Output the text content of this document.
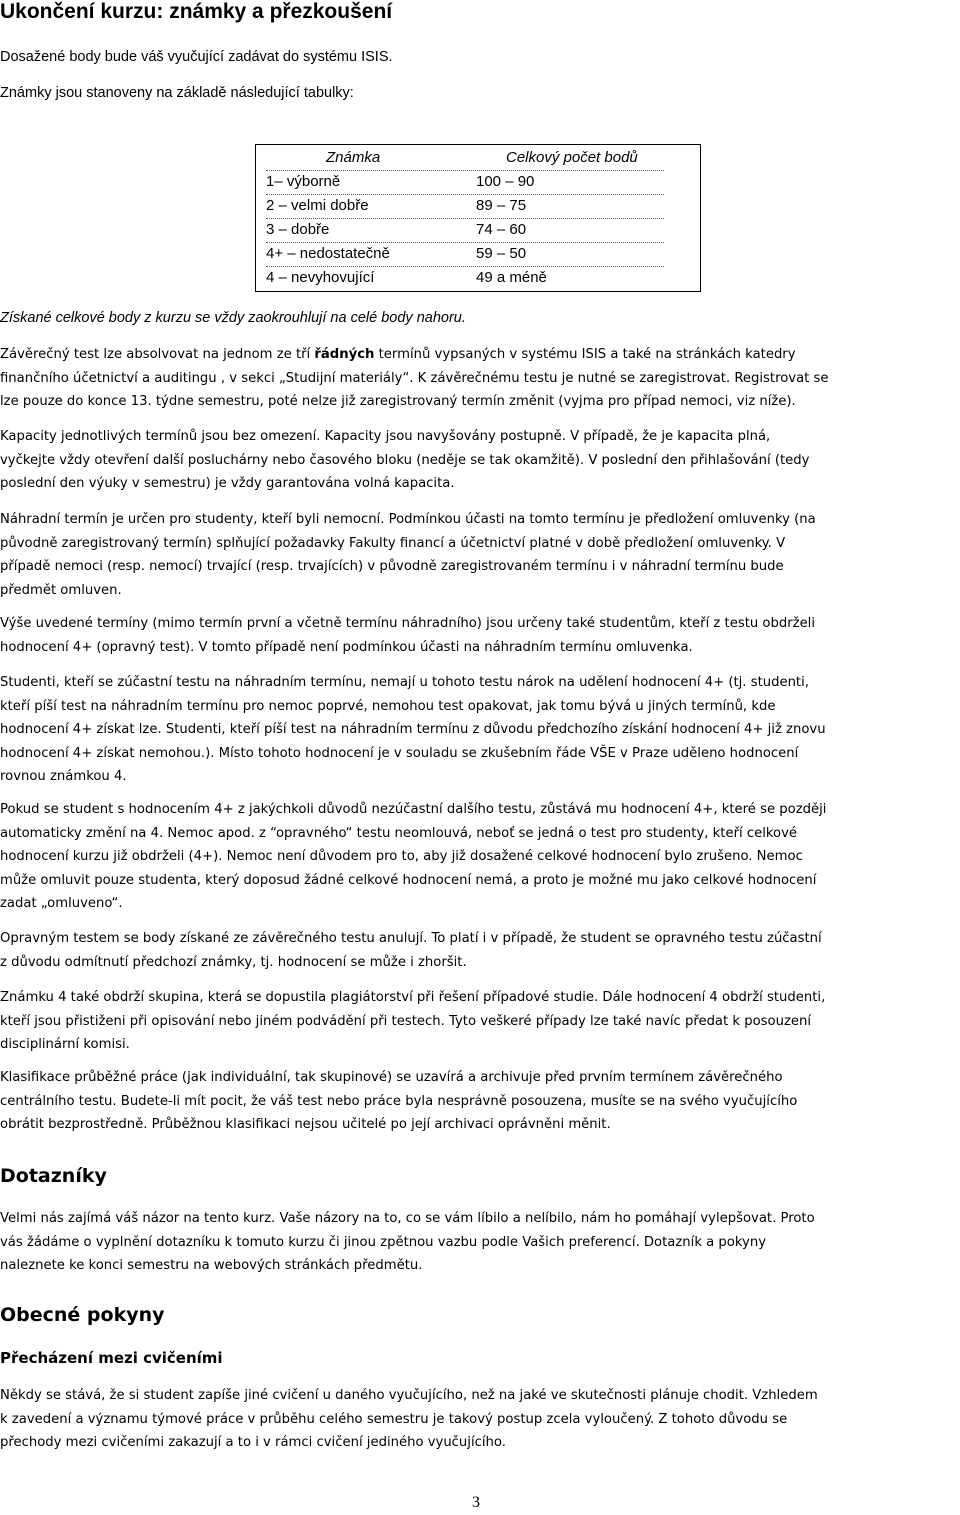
Ukončení kurzu: známky a přezkoušení

Dosažené body bude váš vyučující zadávat do systému ISIS.

Známky jsou stanoveny na základě následující tabulky:

Známka	Celkový počet bodů
1– výborně	100 – 90
2 – velmi dobře	89 – 75
3 – dobře	74 – 60
4+ – nedostatečně	59 – 50
4 – nevyhovující	49 a méně

Získané celkové body z kurzu se vždy zaokrouhlují na celé body nahoru.

Závěrečný test lze absolvovat na jednom ze tří řádných termínů vypsaných v systému ISIS a také na stránkách katedry
finančního účetnictví a auditingu , v sekci „Studijní materiály“. K závěrečnému testu je nutné se zaregistrovat. Registrovat se
lze pouze do konce 13. týdne semestru, poté nelze již zaregistrovaný termín změnit (vyjma pro případ nemoci, viz níže).
Kapacity jednotlivých termínů jsou bez omezení. Kapacity jsou navyšovány postupně. V případě, že je kapacita plná,
vyčkejte vždy otevření další posluchárny nebo časového bloku (neděje se tak okamžitě). V poslední den přihlašování (tedy
poslední den výuky v semestru) je vždy garantována volná kapacita.
Náhradní termín je určen pro studenty, kteří byli nemocní. Podmínkou účasti na tomto termínu je předložení omluvenky (na
původně zaregistrovaný termín) splňující požadavky Fakulty financí a účetnictví platné v době předložení omluvenky. V
případě nemoci (resp. nemocí) trvající (resp. trvajících) v původně zaregistrovaném termínu i v náhradní termínu bude
předmět omluven.
Výše uvedené termíny (mimo termín první a včetně termínu náhradního) jsou určeny také studentům, kteří z testu obdrželi
hodnocení 4+ (opravný test). V tomto případě není podmínkou účasti na náhradním termínu omluvenka.
Studenti, kteří se zúčastní testu na náhradním termínu, nemají u tohoto testu nárok na udělení hodnocení 4+ (tj. studenti,
kteří píší test na náhradním termínu pro nemoc poprvé, nemohou test opakovat, jak tomu bývá u jiných termínů, kde
hodnocení 4+ získat lze. Studenti, kteří píší test na náhradním termínu z důvodu předchozího získání hodnocení 4+ již znovu
hodnocení 4+ získat nemohou.). Místo tohoto hodnocení je v souladu se zkušebním řáde VŠE v Praze uděleno hodnocení
rovnou známkou 4.
Pokud se student s hodnocením 4+ z jakýchkoli důvodů nezúčastní dalšího testu, zůstává mu hodnocení 4+, které se později
automaticky změní na 4. Nemoc apod. z “opravného“ testu neomlouvá, neboť se jedná o test pro studenty, kteří celkové
hodnocení kurzu již obdrželi (4+). Nemoc není důvodem pro to, aby již dosažené celkové hodnocení bylo zrušeno. Nemoc
může omluvit pouze studenta, který doposud žádné celkové hodnocení nemá, a proto je možné mu jako celkové hodnocení
zadat „omluveno“.
Opravným testem se body získané ze závěrečného testu anulují. To platí i v případě, že student se opravného testu zúčastní
z důvodu odmítnutí předchozí známky, tj. hodnocení se může i zhoršit.
Známku 4 také obdrží skupina, která se dopustila plagiátorství při řešení případové studie. Dále hodnocení 4 obdrží studenti,
kteří jsou přistiženi při opisování nebo jiném podvádění při testech. Tyto veškeré případy lze také navíc předat k posouzení
disciplinární komisi.
Klasifikace průběžné práce (jak individuální, tak skupinové) se uzavírá a archivuje před prvním termínem závěrečného
centrálního testu. Budete-li mít pocit, že váš test nebo práce byla nesprávně posouzena, musíte se na svého vyučujícího
obrátit bezprostředně. Průběžnou klasifikaci nejsou učitelé po její archivaci oprávněni měnit.
Dotazníky
Velmi nás zajímá váš názor na tento kurz. Vaše názory na to, co se vám líbilo a nelíbilo, nám ho pomáhají vylepšovat. Proto
vás žádáme o vyplnění dotazníku k tomuto kurzu či jinou zpětnou vazbu podle Vašich preferencí. Dotazník a pokyny
naleznete ke konci semestru na webových stránkách předmětu.
Obecné pokyny
Přecházení mezi cvičeními
Někdy se stává, že si student zapíše jiné cvičení u daného vyučujícího, než na jaké ve skutečnosti plánuje chodit. Vzhledem
k zavedení a významu týmové práce v průběhu celého semestru je takový postup zcela vyloučený. Z tohoto důvodu se
přechody mezi cvičeními zakazují a to i v rámci cvičení jediného vyučujícího.

3
